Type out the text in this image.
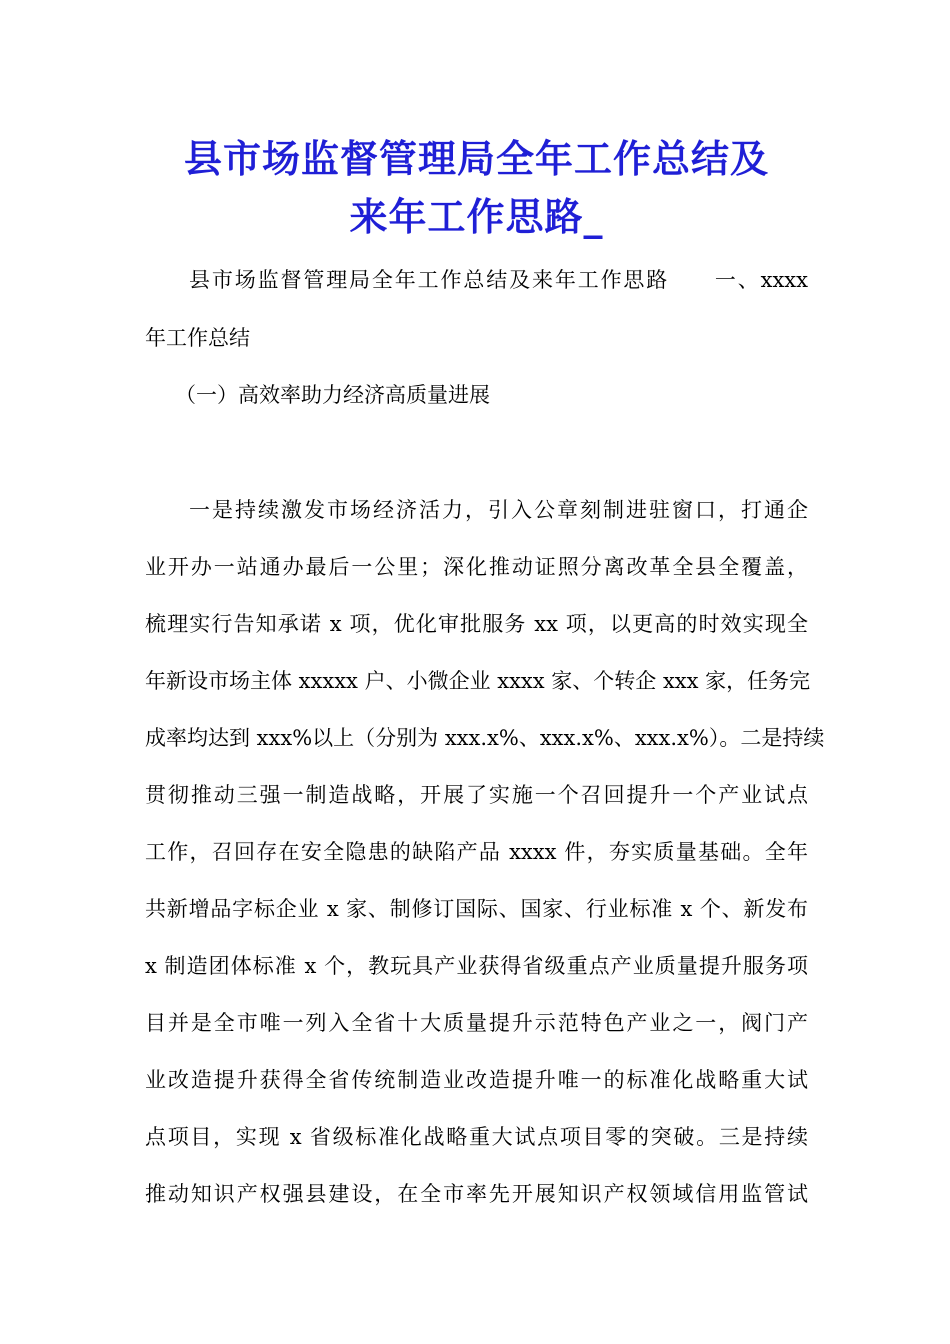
县市场监督管理局全年工作总结及
来年工作思路_

县市场监督管理局全年工作总结及来年工作思路　　一、xxxx

年工作总结

（一）高效率助力经济高质量进展

一是持续激发市场经济活力，引入公章刻制进驻窗口，打通企

业开办一站通办最后一公里；深化推动证照分离改革全县全覆盖，

梳理实行告知承诺 x 项，优化审批服务 xx 项，以更高的时效实现全

年新设市场主体 xxxxx 户、小微企业 xxxx 家、个转企 xxx 家，任务完

成率均达到 xxx%以上（分别为 xxx.x%、xxx.x%、xxx.x%）。二是持续

贯彻推动三强一制造战略，开展了实施一个召回提升一个产业试点

工作，召回存在安全隐患的缺陷产品 xxxx 件，夯实质量基础。全年

共新增品字标企业 x 家、制修订国际、国家、行业标准 x 个、新发布

x 制造团体标准 x 个，教玩具产业获得省级重点产业质量提升服务项

目并是全市唯一列入全省十大质量提升示范特色产业之一，阀门产

业改造提升获得全省传统制造业改造提升唯一的标准化战略重大试

点项目，实现 x 省级标准化战略重大试点项目零的突破。三是持续

推动知识产权强县建设，在全市率先开展知识产权领域信用监管试
